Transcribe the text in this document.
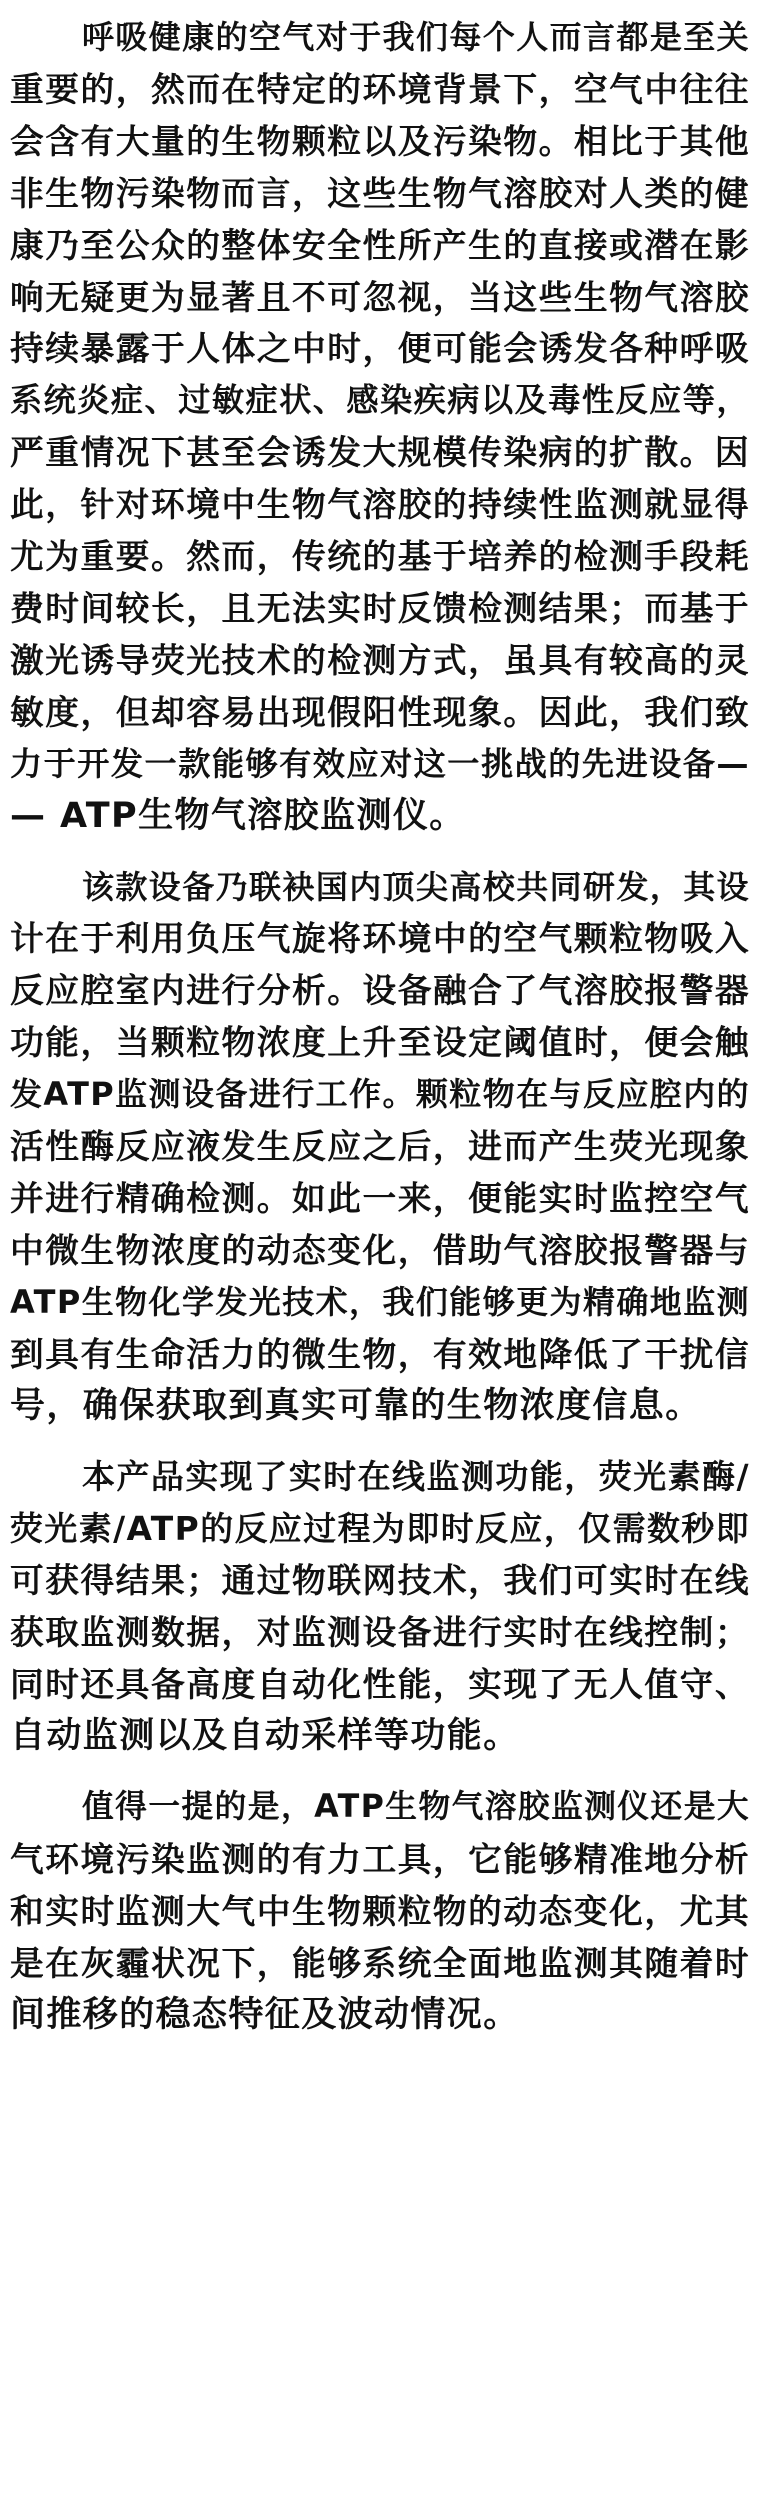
呼吸健康的空气对于我们每个人而言都是至关
重要的，然而在特定的环境背景下，空气中往往
会含有大量的生物颗粒以及污染物。相比于其他
非生物污染物而言，这些生物气溶胶对人类的健
康乃至公众的整体安全性所产生的直接或潜在影
响无疑更为显著且不可忽视，当这些生物气溶胶
持续暴露于人体之中时，便可能会诱发各种呼吸
系统炎症、过敏症状、感染疾病以及毒性反应等，
严重情况下甚至会诱发大规模传染病的扩散。因
此，针对环境中生物气溶胶的持续性监测就显得
尤为重要。然而，传统的基于培养的检测手段耗
费时间较长，且无法实时反馈检测结果；而基于
激光诱导荧光技术的检测方式，虽具有较高的灵
敏度，但却容易出现假阳性现象。因此，我们致
力于开发一款能够有效应对这一挑战的先进设备—
— ATP生物气溶胶监测仪。
该款设备乃联袂国内顶尖高校共同研发，其设
计在于利用负压气旋将环境中的空气颗粒物吸入
反应腔室内进行分析。设备融合了气溶胶报警器
功能，当颗粒物浓度上升至设定阈值时，便会触
发ATP监测设备进行工作。颗粒物在与反应腔内的
活性酶反应液发生反应之后，进而产生荧光现象
并进行精确检测。如此一来，便能实时监控空气
中微生物浓度的动态变化，借助气溶胶报警器与
ATP生物化学发光技术，我们能够更为精确地监测
到具有生命活力的微生物，有效地降低了干扰信
号，确保获取到真实可靠的生物浓度信息。
本产品实现了实时在线监测功能，荧光素酶/
荧光素/ATP的反应过程为即时反应，仅需数秒即
可获得结果；通过物联网技术，我们可实时在线
获取监测数据，对监测设备进行实时在线控制；
同时还具备高度自动化性能，实现了无人值守、
自动监测以及自动采样等功能。
值得一提的是，ATP生物气溶胶监测仪还是大
气环境污染监测的有力工具，它能够精准地分析
和实时监测大气中生物颗粒物的动态变化，尤其
是在灰霾状况下，能够系统全面地监测其随着时
间推移的稳态特征及波动情况。
